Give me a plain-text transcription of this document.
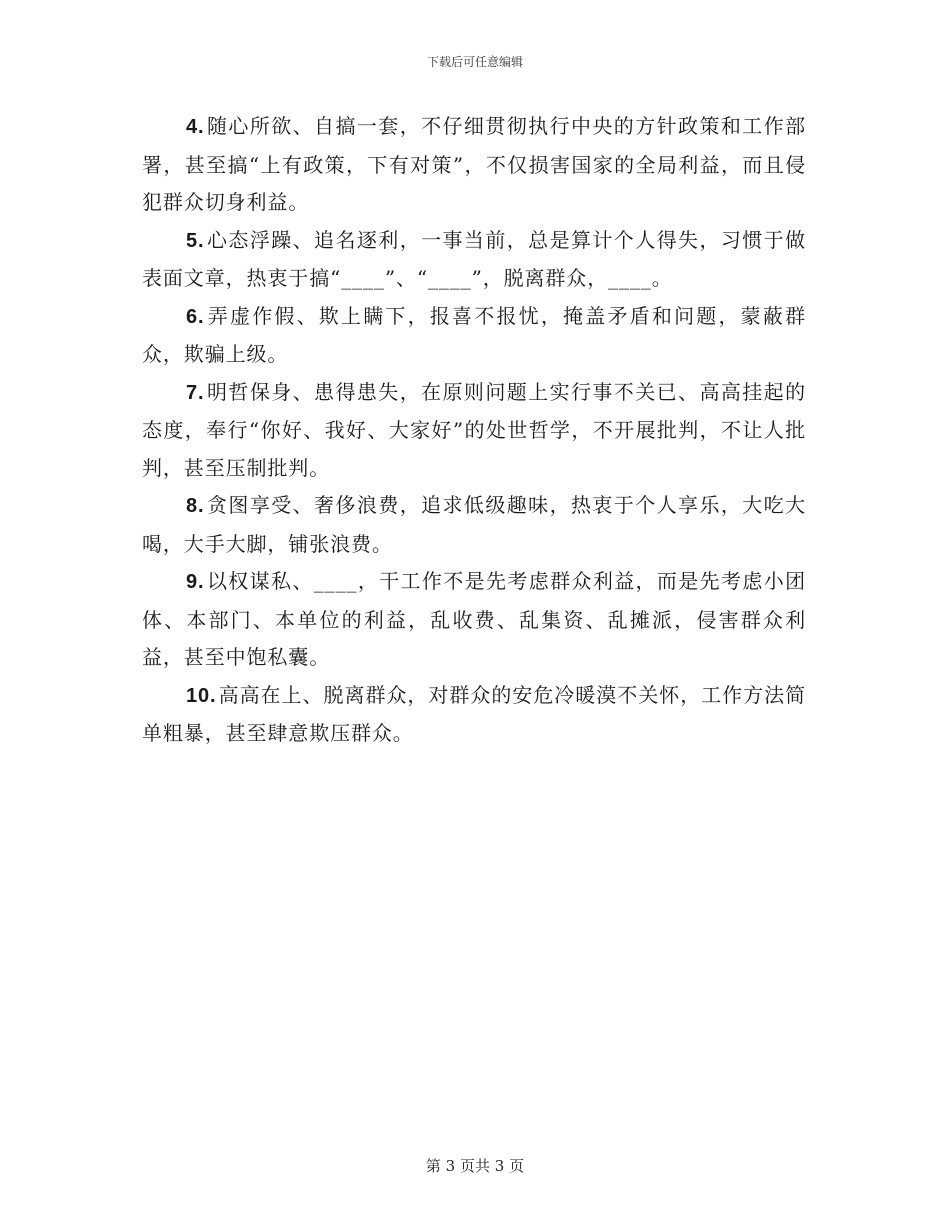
下载后可任意编辑

4. 随心所欲、自搞一套，不仔细贯彻执行中央的方针政策和工作部署，甚至搞“上有政策，下有对策”，不仅损害国家的全局利益，而且侵犯群众切身利益。

5. 心态浮躁、追名逐利，一事当前，总是算计个人得失，习惯于做表面文章，热衷于搞“____”、“____”，脱离群众，____。

6. 弄虚作假、欺上瞒下，报喜不报忧，掩盖矛盾和问题，蒙蔽群众，欺骗上级。

7. 明哲保身、患得患失，在原则问题上实行事不关已、高高挂起的态度，奉行“你好、我好、大家好”的处世哲学，不开展批判，不让人批判，甚至压制批判。

8. 贪图享受、奢侈浪费，追求低级趣味，热衷于个人享乐，大吃大喝，大手大脚，铺张浪费。

9. 以权谋私、____，干工作不是先考虑群众利益，而是先考虑小团体、本部门、本单位的利益，乱收费、乱集资、乱摊派，侵害群众利益，甚至中饱私囊。

10. 高高在上、脱离群众，对群众的安危冷暖漠不关怀，工作方法简单粗暴，甚至肆意欺压群众。

第 3 页共 3 页
